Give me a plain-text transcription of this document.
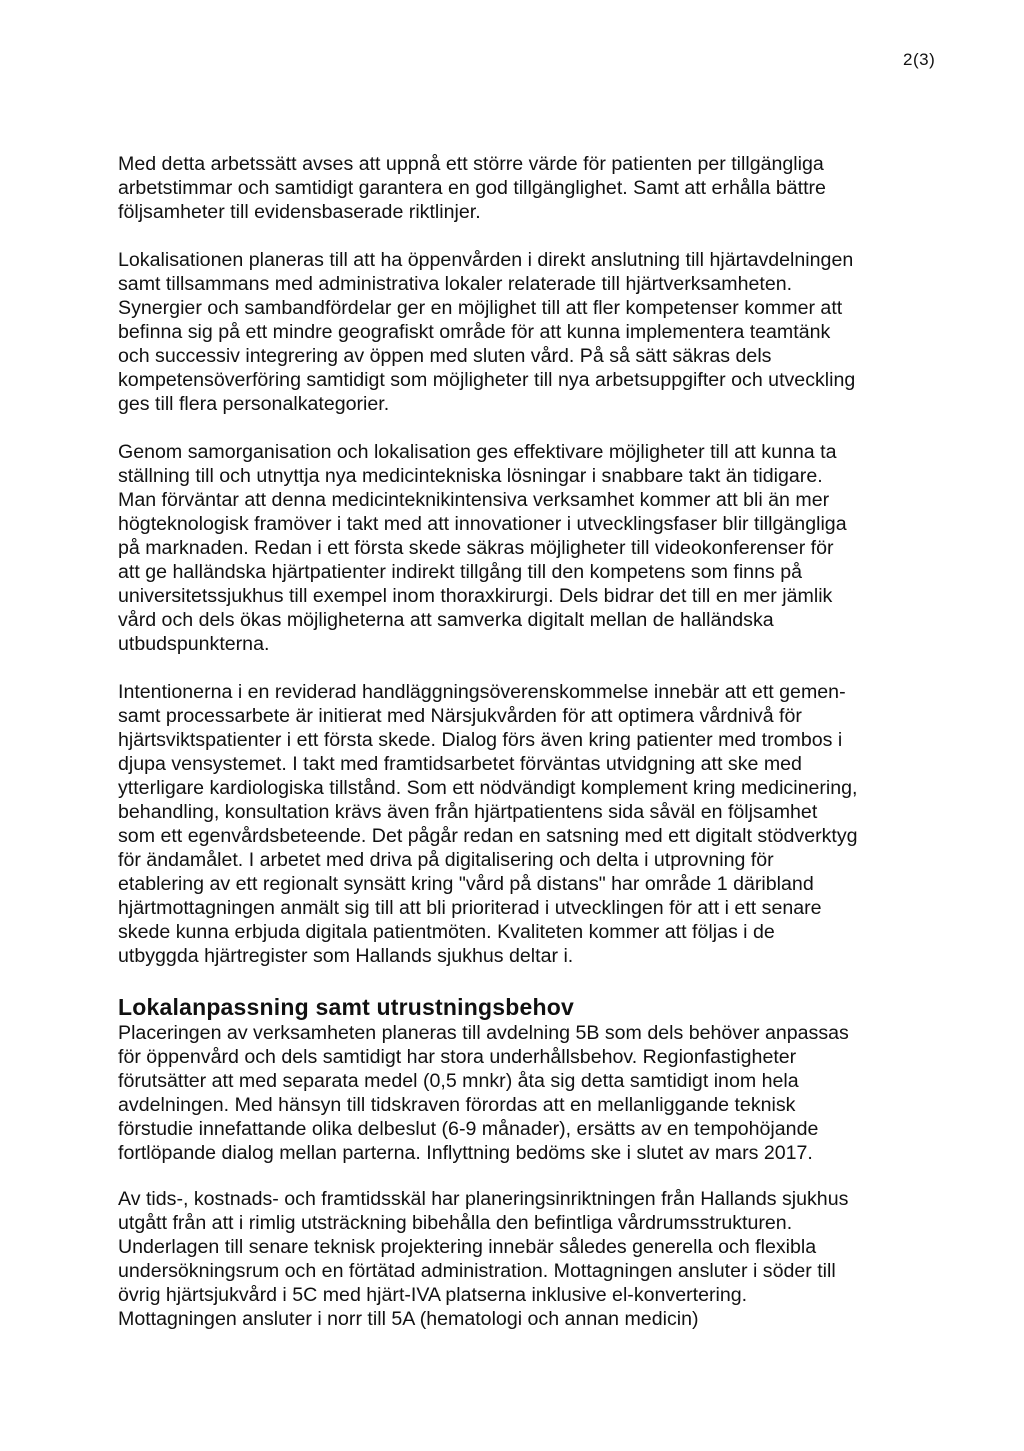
2(3)

Med detta arbetssätt avses att uppnå ett större värde för patienten per tillgängliga
arbetstimmar och samtidigt garantera en god tillgänglighet. Samt att erhålla bättre
följsamheter till evidensbaserade riktlinjer.

Lokalisationen planeras till att ha öppenvården i direkt anslutning till hjärtavdelningen
samt tillsammans med administrativa lokaler relaterade till hjärtverksamheten.
Synergier och sambandfördelar ger en möjlighet till att fler kompetenser kommer att
befinna sig på ett mindre geografiskt område för att kunna implementera teamtänk
och successiv integrering av öppen med sluten vård. På så sätt säkras dels
kompetensöverföring samtidigt som möjligheter till nya arbetsuppgifter och utveckling
ges till flera personalkategorier.

Genom samorganisation och lokalisation ges effektivare möjligheter till att kunna ta
ställning till och utnyttja nya medicintekniska lösningar i snabbare takt än tidigare.
Man förväntar att denna medicinteknikintensiva verksamhet kommer att bli än mer
högteknologisk framöver i takt med att innovationer i utvecklingsfaser blir tillgängliga
på marknaden. Redan i ett första skede säkras möjligheter till videokonferenser för
att ge halländska hjärtpatienter indirekt tillgång till den kompetens som finns på
universitetssjukhus till exempel inom thoraxkirurgi. Dels bidrar det till en mer jämlik
vård och dels ökas möjligheterna att samverka digitalt mellan de halländska
utbudspunkterna.

Intentionerna i en reviderad handläggningsöverenskommelse innebär att ett gemen-
samt processarbete är initierat med Närsjukvården för att optimera vårdnivå för
hjärtsviktspatienter i ett första skede. Dialog förs även kring patienter med trombos i
djupa vensystemet. I takt med framtidsarbetet förväntas utvidgning att ske med
ytterligare kardiologiska tillstånd. Som ett nödvändigt komplement kring medicinering,
behandling, konsultation krävs även från hjärtpatientens sida såväl en följsamhet
som ett egenvårdsbeteende. Det pågår redan en satsning med ett digitalt stödverktyg
för ändamålet. I arbetet med driva på digitalisering och delta i utprovning för
etablering av ett regionalt synsätt kring "vård på distans" har område 1 däribland
hjärtmottagningen anmält sig till att bli prioriterad i utvecklingen för att i ett senare
skede kunna erbjuda digitala patientmöten. Kvaliteten kommer att följas i de
utbyggda hjärtregister som Hallands sjukhus deltar i.

Lokalanpassning samt utrustningsbehov

Placeringen av verksamheten planeras till avdelning 5B som dels behöver anpassas
för öppenvård och dels samtidigt har stora underhållsbehov. Regionfastigheter
förutsätter att med separata medel (0,5 mnkr) åta sig detta samtidigt inom hela
avdelningen. Med hänsyn till tidskraven förordas att en mellanliggande teknisk
förstudie innefattande olika delbeslut (6-9 månader), ersätts av en tempohöjande
fortlöpande dialog mellan parterna. Inflyttning bedöms ske i slutet av mars 2017.

Av tids-, kostnads- och framtidsskäl har planeringsinriktningen från Hallands sjukhus
utgått från att i rimlig utsträckning bibehålla den befintliga vårdrumsstrukturen.
Underlagen till senare teknisk projektering innebär således generella och flexibla
undersökningsrum och en förtätad administration. Mottagningen ansluter i söder till
övrig hjärtsjukvård i 5C med hjärt-IVA platserna inklusive el-konvertering.
Mottagningen ansluter i norr till 5A (hematologi och annan medicin)
